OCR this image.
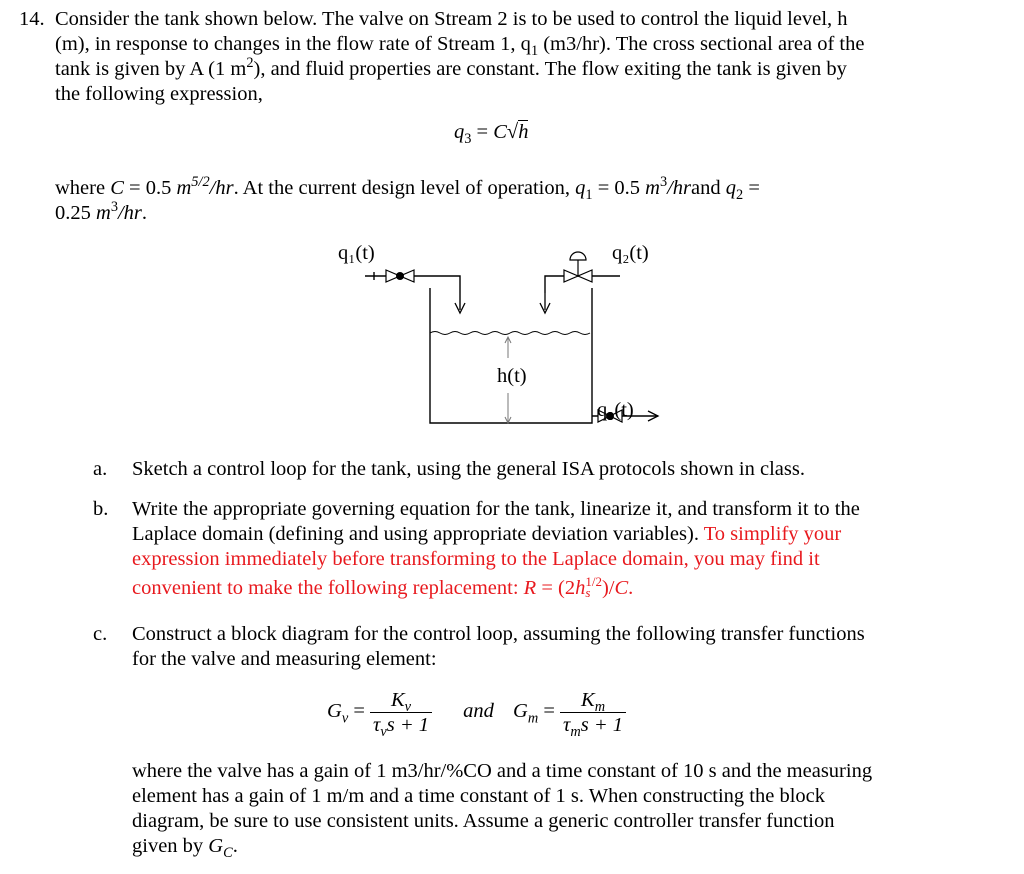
14. Consider the tank shown below. The valve on Stream 2 is to be used to control the liquid level, h
(m), in response to changes in the flow rate of Stream 1, $q_1$ (m3/hr). The cross sectional area of the
tank is given by A (1 $m^2$), and fluid properties are constant. The flow exiting the tank is given by
the following expression,
$q_3 = C√h$
where C = 0.5 $m^{5/2}/hr$. At the current design level of operation, $q_1 = 0.5$ $m^3$/hrand $q_2$ =
0.25 $m^3/hr$.
q₁(t)	q₂(t)
h(t)
q₃(t)
a. Sketch a control loop for the tank, using the general ISA protocols shown in class.
b. Write the appropriate governing equation for the tank, linearize it, and transform it to the
Laplace domain (defining and using appropriate deviation variables). To simplify your
expression immediately before transforming to the Laplace domain, you may find it
convenient to make the following replacement: R = (2h 1/2
s )/C.
c. Construct a block diagram for the control loop, assuming the following transfer functions
for the valve and measuring element:
$G_v = \frac{K_v}{\tau_vs + 1}$ and $G_m = \frac{K_m}{\tau_ms + 1}$
where the valve has a gain of 1 m3/hr/%CO and a time constant of 10 s and the measuring
element has a gain of 1 m/m and a time constant of 1 s. When constructing the block
diagram, be sure to use consistent units. Assume a generic controller transfer function
given by $G_C$.
